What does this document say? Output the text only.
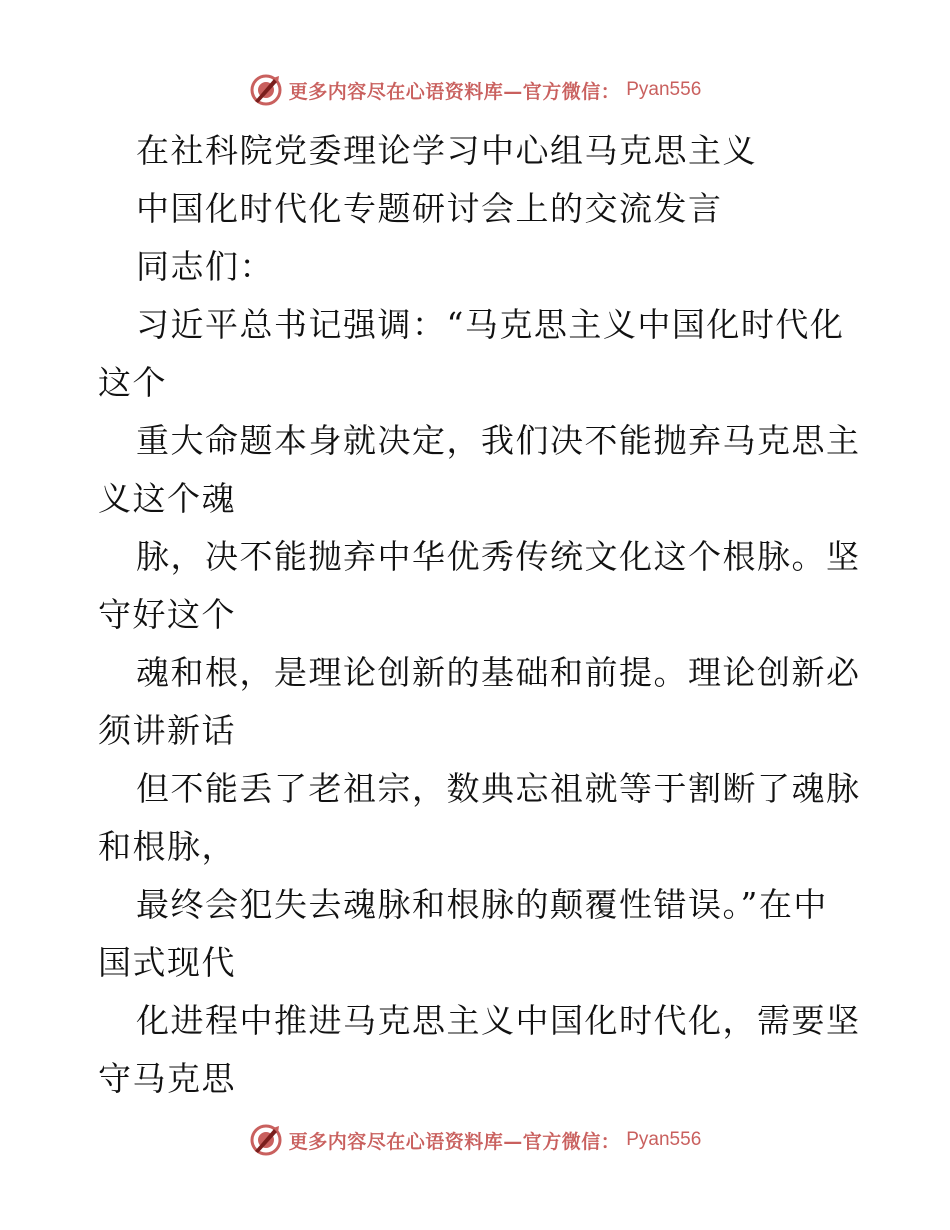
更多内容尽在心语资料库—官方微信： Pyan556
在社科院党委理论学习中心组马克思主义
中国化时代化专题研讨会上的交流发言
同志们：
习近平总书记强调：“马克思主义中国化时代化
这个
重大命题本身就决定，我们决不能抛弃马克思主
义这个魂
脉，决不能抛弃中华优秀传统文化这个根脉。坚
守好这个
魂和根，是理论创新的基础和前提。理论创新必
须讲新话
但不能丢了老祖宗，数典忘祖就等于割断了魂脉
和根脉，
最终会犯失去魂脉和根脉的颠覆性错误。”在中
国式现代
化进程中推进马克思主义中国化时代化，需要坚
守马克思
更多内容尽在心语资料库—官方微信： Pyan556
